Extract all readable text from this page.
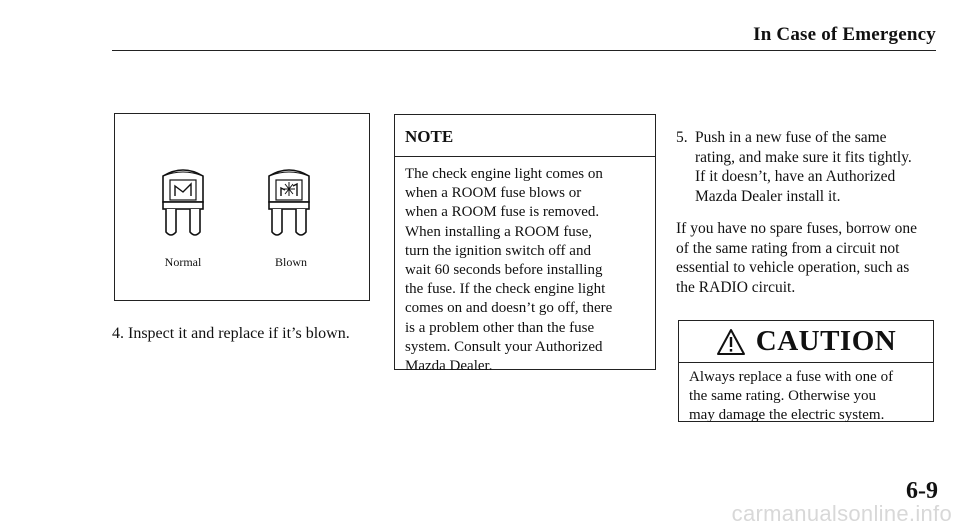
In Case of Emergency
Normal	Blown
4. Inspect it and replace if it’s blown.
NOTE
The check engine light comes on
when a ROOM fuse blows or
when a ROOM fuse is removed.
When installing a ROOM fuse,
turn the ignition switch off and
wait 60 seconds before installing
the fuse. If the check engine light
comes on and doesn’t go off, there
is a problem other than the fuse
system. Consult your Authorized
Mazda Dealer.
5. Push in a new fuse of the same
rating, and make sure it fits tightly.
If it doesn’t, have an Authorized
Mazda Dealer install it.
If you have no spare fuses, borrow one
of the same rating from a circuit not
essential to vehicle operation, such as
the RADIO circuit.
CAUTION
Always replace a fuse with one of
the same rating. Otherwise you
may damage the electric system.
6-9
carmanualsonline.info
